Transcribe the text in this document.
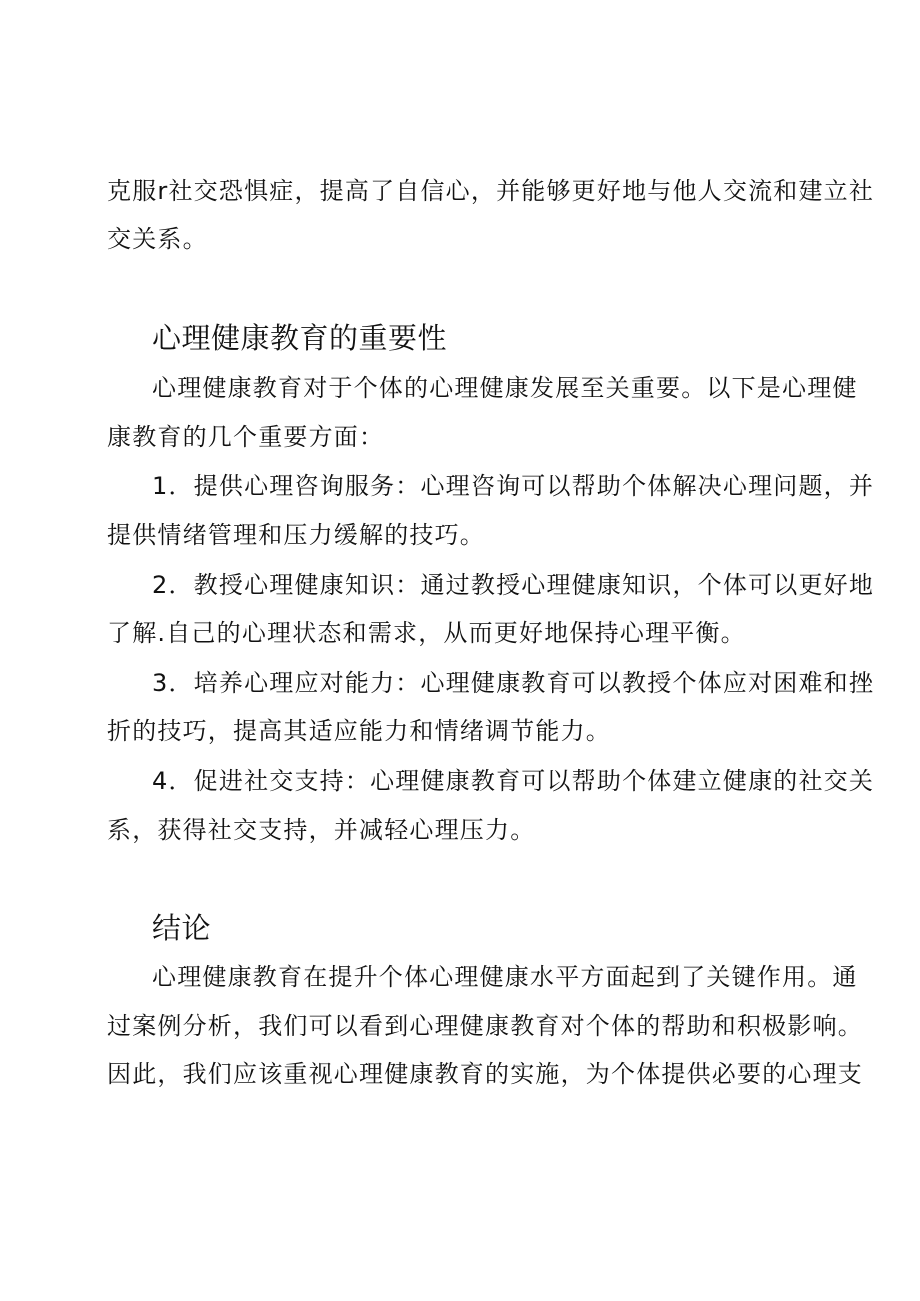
克服r社交恐惧症，提高了自信心，并能够更好地与他人交流和建立社
交关系。
心理健康教育的重要性
心理健康教育对于个体的心理健康发展至关重要。以下是心理健
康教育的几个重要方面：
1．提供心理咨询服务：心理咨询可以帮助个体解决心理问题，并
提供情绪管理和压力缓解的技巧。
2．教授心理健康知识：通过教授心理健康知识，个体可以更好地
了解.自己的心理状态和需求，从而更好地保持心理平衡。
3．培养心理应对能力：心理健康教育可以教授个体应对困难和挫
折的技巧，提高其适应能力和情绪调节能力。
4．促进社交支持：心理健康教育可以帮助个体建立健康的社交关
系，获得社交支持，并减轻心理压力。
结论
心理健康教育在提升个体心理健康水平方面起到了关键作用。通
过案例分析，我们可以看到心理健康教育对个体的帮助和积极影响。
因此，我们应该重视心理健康教育的实施，为个体提供必要的心理支
